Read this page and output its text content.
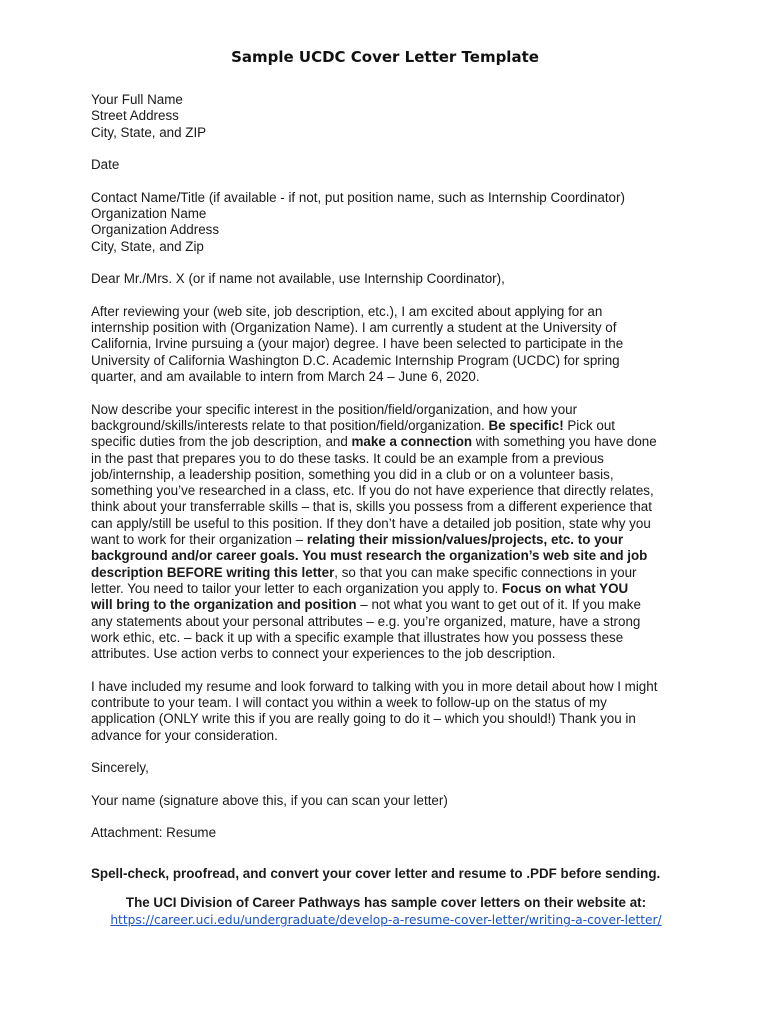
Sample UCDC Cover Letter Template

Your Full Name
Street Address
City, State, and ZIP

Date

Contact Name/Title (if available - if not, put position name, such as Internship Coordinator)
Organization Name
Organization Address
City, State, and Zip

Dear Mr./Mrs. X (or if name not available, use Internship Coordinator),

After reviewing your (web site, job description, etc.), I am excited about applying for an
internship position with (Organization Name). I am currently a student at the University of
California, Irvine pursuing a (your major) degree. I have been selected to participate in the
University of California Washington D.C. Academic Internship Program (UCDC) for spring
quarter, and am available to intern from March 24 – June 6, 2020.

Now describe your specific interest in the position/field/organization, and how your
background/skills/interests relate to that position/field/organization. Be specific! Pick out
specific duties from the job description, and make a connection with something you have done
in the past that prepares you to do these tasks. It could be an example from a previous
job/internship, a leadership position, something you did in a club or on a volunteer basis,
something you’ve researched in a class, etc. If you do not have experience that directly relates,
think about your transferrable skills – that is, skills you possess from a different experience that
can apply/still be useful to this position. If they don’t have a detailed job position, state why you
want to work for their organization – relating their mission/values/projects, etc. to your
background and/or career goals. You must research the organization’s web site and job
description BEFORE writing this letter, so that you can make specific connections in your
letter. You need to tailor your letter to each organization you apply to. Focus on what YOU
will bring to the organization and position – not what you want to get out of it. If you make
any statements about your personal attributes – e.g. you’re organized, mature, have a strong
work ethic, etc. – back it up with a specific example that illustrates how you possess these
attributes. Use action verbs to connect your experiences to the job description.

I have included my resume and look forward to talking with you in more detail about how I might
contribute to your team. I will contact you within a week to follow-up on the status of my
application (ONLY write this if you are really going to do it – which you should!) Thank you in
advance for your consideration.

Sincerely,

Your name (signature above this, if you can scan your letter)

Attachment: Resume

Spell-check, proofread, and convert your cover letter and resume to .PDF before sending.

The UCI Division of Career Pathways has sample cover letters on their website at:
https://career.uci.edu/undergraduate/develop-a-resume-cover-letter/writing-a-cover-letter/
